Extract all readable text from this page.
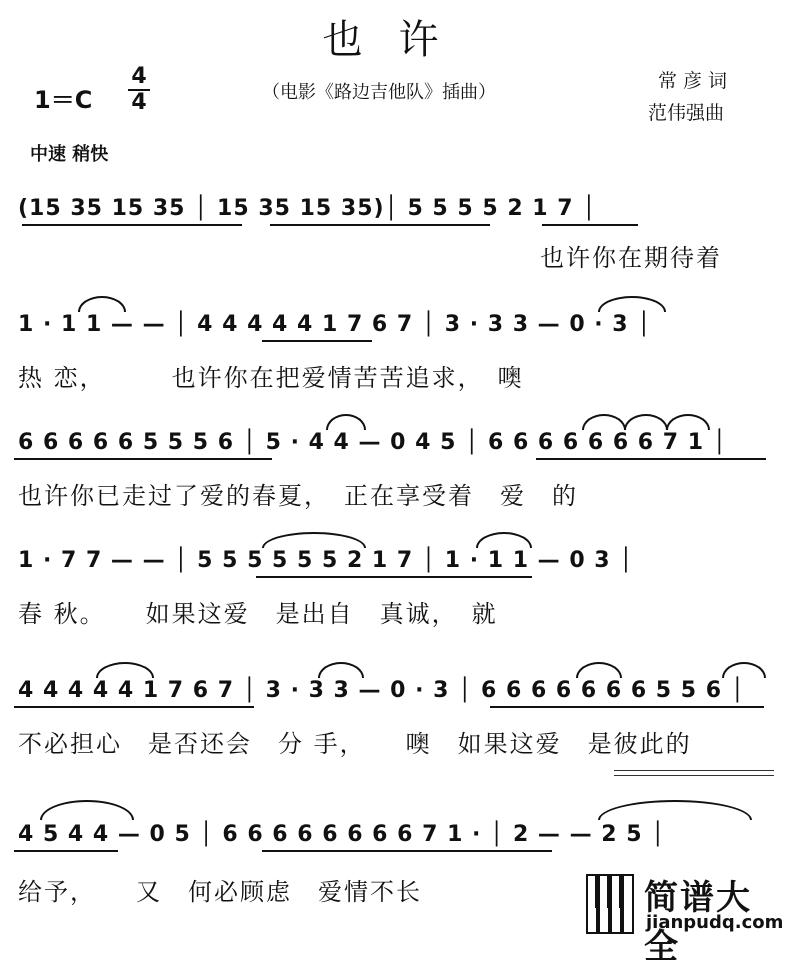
也许
1＝C
4
4	（电影《路边吉他队》插曲）
常彦词
范伟强曲
中速 稍快
(15 35 15 35 │ 15 35 15 35)│ 5 5 5 5 2 1 7 │
也许你在期待着
1 · 1 1 — — │ 4 4 4 4 4 1 7 6 7 │ 3 · 3 3 — 0 · 3 │
热 恋，　　　也许你在把爱情苦苦追求，　噢
6 6 6 6 6 5 5 5 6 │ 5 · 4 4 — 0 4 5 │ 6 6 6 6 6 6 6 7 1 │
也许你已走过了爱的春夏，　正在享受着　爱　的
1 · 7 7 — — │ 5 5 5 5 5 5 2 1 7 │ 1 · 1 1 — 0 3 │
春 秋。　　如果这爱　是出自　真诚，　就
4 4 4 4 4 1 7 6 7 │ 3 · 3 3 — 0 · 3 │ 6 6 6 6 6 6 6 5 5 6 │
不必担心　是否还会　分 手，　　噢　如果这爱　是彼此的
4 5 4 4 — 0 5 │ 6 6 6 6 6 6 6 6 7 1 · │ 2 — — 2 5 │
给予，　　又　何必顾虑　爱情不长	简谱大全
jianpudq.com
